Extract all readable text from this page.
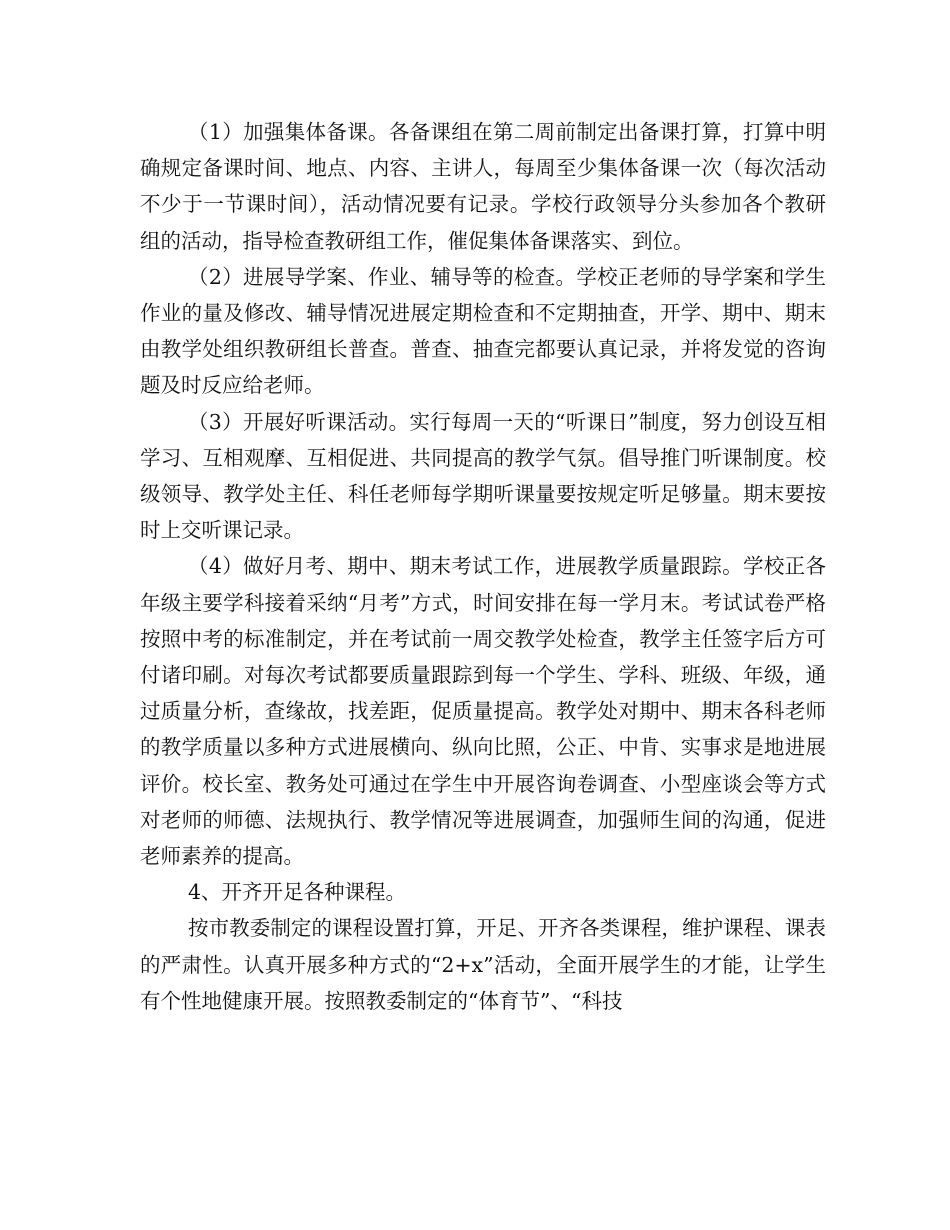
（1）加强集体备课。各备课组在第二周前制定出备课打算，打算中明确规定备课时间、地点、内容、主讲人，每周至少集体备课一次（每次活动不少于一节课时间），活动情况要有记录。学校行政领导分头参加各个教研组的活动，指导检查教研组工作，催促集体备课落实、到位。

（2）进展导学案、作业、辅导等的检查。学校正老师的导学案和学生作业的量及修改、辅导情况进展定期检查和不定期抽查，开学、期中、期末由教学处组织教研组长普查。普查、抽查完都要认真记录，并将发觉的咨询题及时反应给老师。

（3）开展好听课活动。实行每周一天的“听课日”制度，努力创设互相学习、互相观摩、互相促进、共同提高的教学气氛。倡导推门听课制度。校级领导、教学处主任、科任老师每学期听课量要按规定听足够量。期末要按时上交听课记录。

（4）做好月考、期中、期末考试工作，进展教学质量跟踪。学校正各年级主要学科接着采纳“月考”方式，时间安排在每一学月末。考试试卷严格按照中考的标准制定，并在考试前一周交教学处检查，教学主任签字后方可付诸印刷。对每次考试都要质量跟踪到每一个学生、学科、班级、年级，通过质量分析，查缘故，找差距，促质量提高。教学处对期中、期末各科老师的教学质量以多种方式进展横向、纵向比照，公正、中肯、实事求是地进展评价。校长室、教务处可通过在学生中开展咨询卷调查、小型座谈会等方式对老师的师德、法规执行、教学情况等进展调查，加强师生间的沟通，促进老师素养的提高。

4、开齐开足各种课程。

按市教委制定的课程设置打算，开足、开齐各类课程，维护课程、课表的严肃性。认真开展多种方式的“2+x”活动，全面开展学生的才能，让学生有个性地健康开展。按照教委制定的“体育节”、“科技
